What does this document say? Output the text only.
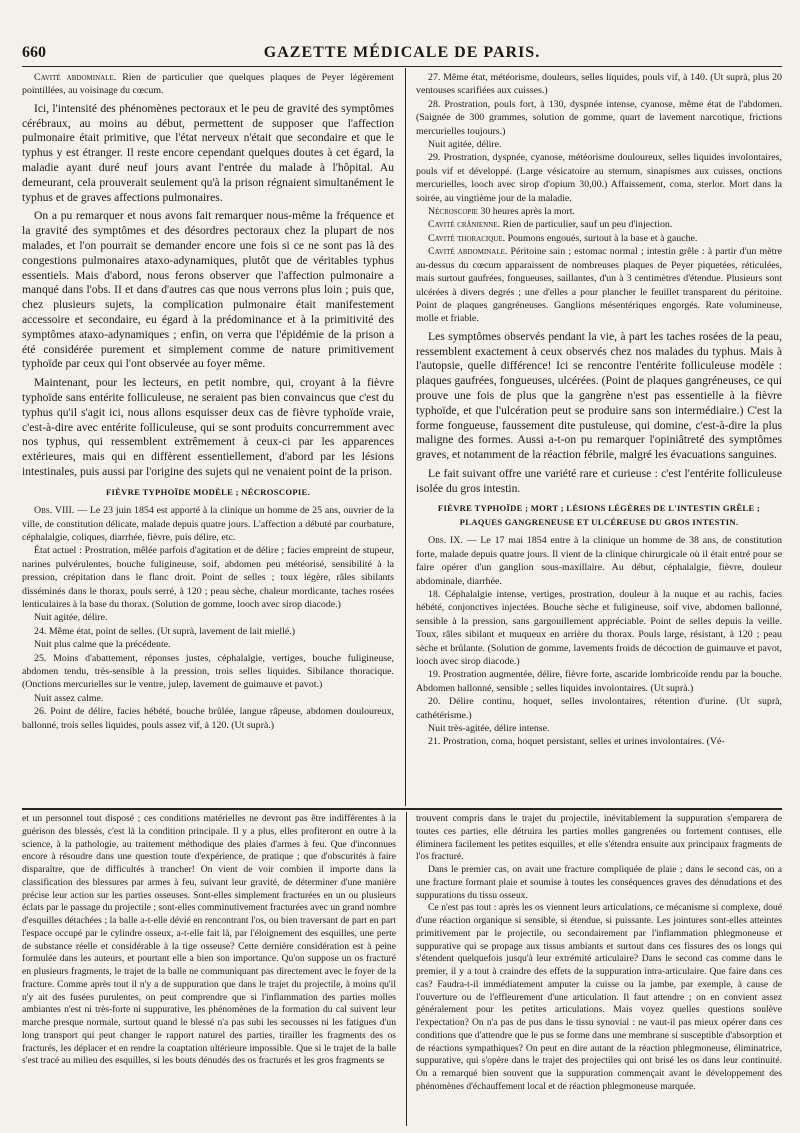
660	GAZETTE MÉDICALE DE PARIS.

Cavité abdominale. Rien de particulier que quelques plaques de Peyer légèrement pointillées, au voisinage du cœcum.

Ici, l'intensité des phénomènes pectoraux et le peu de gravité des symptômes cérébraux, au moins au début, permettent de supposer que l'affection pulmonaire était primitive, que l'état nerveux n'était que secondaire et que le typhus y est étranger. Il reste encore cependant quelques doutes à cet égard, la maladie ayant duré neuf jours avant l'entrée du malade à l'hôpital. Au demeurant, cela prouverait seulement qu'à la prison régnaient simultanément le typhus et de graves affections pulmonaires.

On a pu remarquer et nous avons fait remarquer nous-même la fréquence et la gravité des symptômes et des désordres pectoraux chez la plupart de nos malades, et l'on pourrait se demander encore une fois si ce ne sont pas là des congestions pulmonaires ataxo-adynamiques, plutôt que de véritables typhus essentiels. Mais d'abord, nous ferons observer que l'affection pulmonaire a manqué dans l'obs. II et dans d'autres cas que nous verrons plus loin ; puis que, chez plusieurs sujets, la complication pulmonaire était manifestement accessoire et secondaire, eu égard à la prédominance et à la primitivité des symptômes ataxo-adynamiques ; enfin, on verra que l'épidémie de la prison a été considérée purement et simplement comme de nature primitivement typhoïde par ceux qui l'ont observée au foyer même.

Maintenant, pour les lecteurs, en petit nombre, qui, croyant à la fièvre typhoïde sans entérite folliculeuse, ne seraient pas bien convaincus que c'est du typhus qu'il s'agit ici, nous allons esquisser deux cas de fièvre typhoïde vraie, c'est-à-dire avec entérite folliculeuse, qui se sont produits concurremment avec nos typhus, qui ressemblent extrêmement à ceux-ci par les apparences extérieures, mais qui en diffèrent essentiellement, d'abord par les lésions intestinales, puis aussi par l'origine des sujets qui ne venaient point de la prison.

FIÈVRE TYPHOÏDE MODÈLE ; NÉCROSCOPIE.

Obs. VIII. — Le 23 juin 1854 est apporté à la clinique un homme de 25 ans, ouvrier de la ville, de constitution délicate, malade depuis quatre jours. L'affection a débuté par courbature, céphalalgie, coliques, diarrhée, fièvre, puis délire, etc.

État actuel : Prostration, mêlée parfois d'agitation et de délire ; facies empreint de stupeur, narines pulvérulentes, bouche fuligineuse, soif, abdomen peu météorisé, sensibilité à la pression, crépitation dans le flanc droit. Point de selles ; toux légère, râles sibilants disséminés dans le thorax, pouls serré, à 120 ; peau sèche, chaleur mordicante, taches rosées lenticulaires à la base du thorax. (Solution de gomme, looch avec sirop diacode.)

Nuit agitée, délire.

24. Même état, point de selles. (Ut suprà, lavement de lait miellé.)

Nuit plus calme que la précédente.

25. Moins d'abattement, réponses justes, céphalalgie, vertiges, bouche fuligineuse, abdomen tendu, très-sensible à la pression, trois selles liquides. Sibilance thoracique. (Onctions mercurielles sur le ventre, julep, lavement de guimauve et pavot.)

Nuit assez calme.

26. Point de délire, facies hébété, bouche brûlée, langue râpeuse, abdomen douloureux, ballonné, trois selles liquides, pouls assez vif, à 120. (Ut suprà.)

27. Même état, météorisme, douleurs, selles liquides, pouls vif, à 140. (Ut suprà, plus 20 ventouses scarifiées aux cuisses.)

28. Prostration, pouls fort, à 130, dyspnée intense, cyanose, même état de l'abdomen. (Saignée de 300 grammes, solution de gomme, quart de lavement narcotique, frictions mercurielles toujours.)

Nuit agitée, délire.

29. Prostration, dyspnée, cyanose, météorisme douloureux, selles liquides involontaires, pouls vif et développé. (Large vésicatoire au sternum, sinapismes aux cuisses, onctions mercurielles, looch avec sirop d'opium 30,00.) Affaissement, coma, sterlor. Mort dans la soirée, au vingtième jour de la maladie.

Nécroscopie 30 heures après la mort.

Cavité crânienne. Rien de particulier, sauf un peu d'injection.

Cavité thoracique. Poumons engoués, surtout à la base et à gauche.

Cavité abdominale. Péritoine sain ; estomac normal ; intestin grêle : à partir d'un mètre au-dessus du cœcum apparaissent de nombreuses plaques de Peyer piquetées, réticulées, mais surtout gaufrées, fongueuses, saillantes, d'un à 3 centimètres d'étendue. Plusieurs sont ulcérées à divers degrés ; une d'elles a pour plancher le feuillet transparent du péritoine. Point de plaques gangréneuses. Ganglions mésentériques engorgés. Rate volumineuse, molle et friable.

Les symptômes observés pendant la vie, à part les taches rosées de la peau, ressemblent exactement à ceux observés chez nos malades du typhus. Mais à l'autopsie, quelle différence! Ici se rencontre l'entérite folliculeuse modèle : plaques gaufrées, fongueuses, ulcérées. (Point de plaques gangréneuses, ce qui prouve une fois de plus que la gangrène n'est pas essentielle à la fièvre typhoïde, et que l'ulcération peut se produire sans son intermédiaire.) C'est la forme fongueuse, faussement dite pustuleuse, qui domine, c'est-à-dire la plus maligne des formes. Aussi a-t-on pu remarquer l'opiniâtreté des symptômes graves, et notamment de la réaction fébrile, malgré les évacuations sanguines.

Le fait suivant offre une variété rare et curieuse : c'est l'entérite folliculeuse isolée du gros intestin.

FIÈVRE TYPHOÏDE ; MORT ; LÉSIONS LÉGÈRES DE L'INTESTIN GRÊLE ; PLAQUES GANGRENEUSE ET ULCÉREUSE DU GROS INTESTIN.

Obs. IX. — Le 17 mai 1854 entre à la clinique un homme de 38 ans, de constitution forte, malade depuis quatre jours. Il vient de la clinique chirurgicale où il était entré pour se faire opérer d'un ganglion sous-maxillaire. Au début, céphalalgie, fièvre, douleur abdominale, diarrhée.

18. Céphalalgie intense, vertiges, prostration, douleur à la nuque et au rachis, facies hébété, conjonctives injectées. Bouche sèche et fuligineuse, soif vive, abdomen ballonné, sensible à la pression, sans gargouillement appréciable. Point de selles depuis la veille. Toux, râles sibilant et muqueux en arrière du thorax. Pouls large, résistant, à 120 ; peau sèche et brûlante. (Solution de gomme, lavements froids de décoction de guimauve et pavot, looch avec sirop diacode.)

19. Prostration augmentée, délire, fièvre forte, ascaride lombricoïde rendu par la bouche. Abdomen ballonné, sensible ; selles liquides involontaires. (Ut suprà.)

20. Délire continu, hoquet, selles involontaires, rétention d'urine. (Ut suprà, cathétérisme.)

Nuit très-agitée, délire intense.

21. Prostration, coma, hoquet persistant, selles et urines involontaires. (Vé-

et un personnel tout disposé ; ces conditions matérielles ne devront pas être indifférentes à la guérison des blessés, c'est là la condition principale. Il y a plus, elles profiteront en outre à la science, à la pathologie, au traitement méthodique des plaies d'armes à feu. Que d'inconnues encore à résoudre dans une question toute d'expérience, de pratique ; que d'obscurités à faire disparaître, que de difficultés à trancher! On vient de voir combien il importe dans la classification des blessures par armes à feu, suivant leur gravité, de déterminer d'une manière précise leur action sur les parties osseuses. Sont-elles simplement fracturées en un ou plusieurs éclats par le passage du projectile ; sont-elles comminutivement fracturées avec un grand nombre d'esquilles détachées ; la balle a-t-elle dévié en rencontrant l'os, ou bien traversant de part en part l'espace occupé par le cylindre osseux, a-t-elle fait là, par l'éloignement des esquilles, une perte de substance réelle et considérable à la tige osseuse? Cette dernière considération est à peine formulée dans les auteurs, et pourtant elle a bien son importance. Qu'on suppose un os fracturé en plusieurs fragments, le trajet de la balle ne communiquant pas directement avec le foyer de la fracture. Comme après tout il n'y a de suppuration que dans le trajet du projectile, à moins qu'il n'y ait des fusées purulentes, on peut comprendre que si l'inflammation des parties molles ambiantes n'est ni très-forte ni suppurative, les phénomènes de la formation du cal suivent leur marche presque normale, surtout quand le blessé n'a pas subi les secousses ni les fatigues d'un long transport qui peut changer le rapport naturel des parties, tirailler les fragments des os fracturés, les déplacer et en rendre la coaptation ultérieure impossible. Que si le trajet de la balle s'est tracé au milieu des esquilles, si les bouts dénudés des os fracturés et les gros fragments se

trouvent compris dans le trajet du projectile, inévitablement la suppuration s'emparera de toutes ces parties, elle détruira les parties molles gangrenées ou fortement contuses, elle éliminera facilement les petites esquilles, et elle s'étendra ensuite aux principaux fragments de l'os fracturé.

Dans le premier cas, on avait une fracture compliquée de plaie ; dans le second cas, on a une fracture formant plaie et soumise à toutes les conséquences graves des dénudations et des suppurations du tissu osseux.

Ce n'est pas tout : après les os viennent leurs articulations, ce mécanisme si complexe, doué d'une réaction organique si sensible, si étendue, si puissante. Les jointures sont-elles atteintes primitivement par le projectile, ou secondairement par l'inflammation phlegmoneuse et suppurative qui se propage aux tissus ambiants et surtout dans ces fissures des os longs qui s'étendent quelquefois jusqu'à leur extrémité articulaire? Dans le second cas comme dans le premier, il y a tout à craindre des effets de la suppuration intra-articulaire. Que faire dans ces cas? Faudra-t-il immédiatement amputer la cuisse ou la jambe, par exemple, à cause de l'ouverture ou de l'effleurement d'une articulation. Il faut attendre ; on en convient assez généralement pour les petites articulations. Mais voyez quelles questions soulève l'expectation? On n'a pas de pus dans le tissu synovial : ne vaut-il pas mieux opérer dans ces conditions que d'attendre que le pus se forme dans une membrane si susceptible d'absorption et de réactions sympathiques? On peut en dire autant de la réaction phlegmoneuse, éliminatrice, suppurative, qui s'opère dans le trajet des projectiles qui ont brisé les os dans leur continuité. On a remarqué bien souvent que la suppuration commençait avant le développement des phénomènes d'échauffement local et de réaction phlegmoneuse marquée.
